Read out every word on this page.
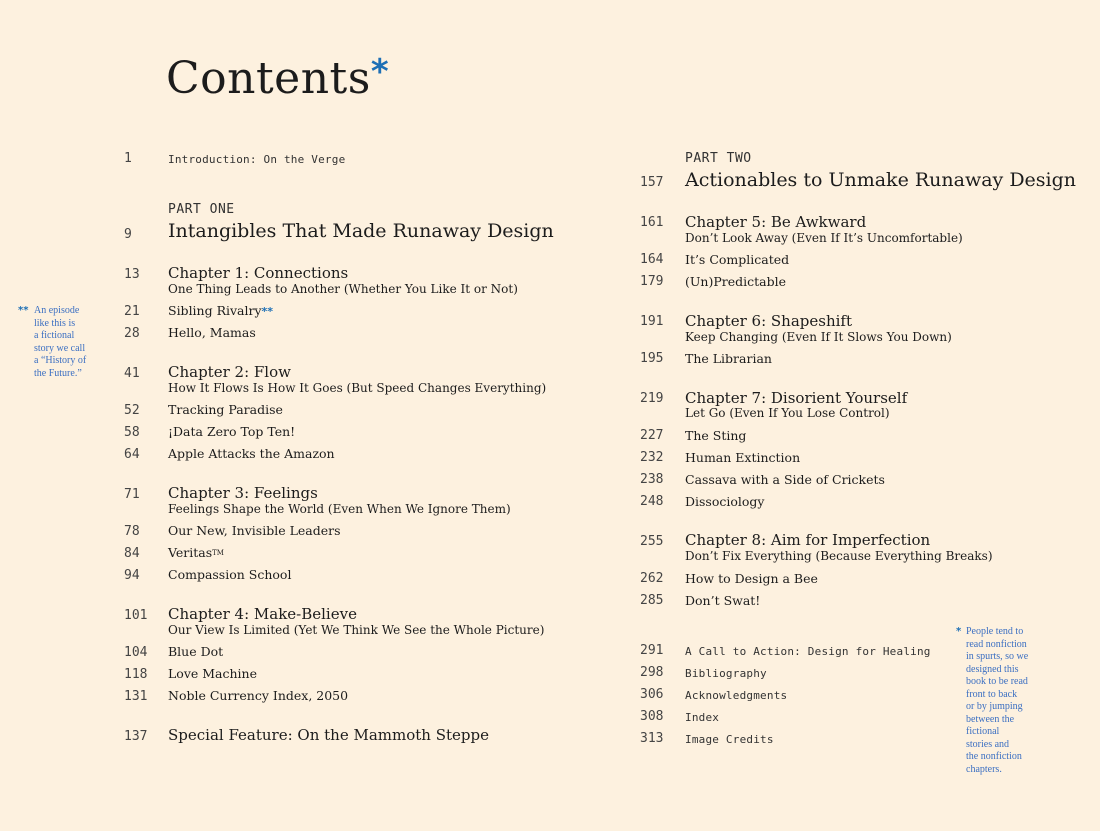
Contents*
1	Introduction: On the Verge
PART ONE
9	Intangibles That Made Runaway Design
13	Chapter 1: Connections
One Thing Leads to Another (Whether You Like It or Not)
21	Sibling Rivalry**
28	Hello, Mamas
41	Chapter 2: Flow
How It Flows Is How It Goes (But Speed Changes Everything)
52	Tracking Paradise
58	¡Data Zero Top Ten!
64	Apple Attacks the Amazon
71	Chapter 3: Feelings
Feelings Shape the World (Even When We Ignore Them)
78	Our New, Invisible Leaders
84	VeritasTM
94	Compassion School
101	Chapter 4: Make-Believe
Our View Is Limited (Yet We Think We See the Whole Picture)
104	Blue Dot
118	Love Machine
131	Noble Currency Index, 2050
137	Special Feature: On the Mammoth Steppe
PART TWO
157	Actionables to Unmake Runaway Design
161	Chapter 5: Be Awkward
Don’t Look Away (Even If It’s Uncomfortable)
164	It’s Complicated
179	(Un)Predictable
191	Chapter 6: Shapeshift
Keep Changing (Even If It Slows You Down)
195	The Librarian
219	Chapter 7: Disorient Yourself
Let Go (Even If You Lose Control)
227	The Sting
232	Human Extinction
238	Cassava with a Side of Crickets
248	Dissociology
255	Chapter 8: Aim for Imperfection
Don’t Fix Everything (Because Everything Breaks)
262	How to Design a Bee
285	Don’t Swat!
291	A Call to Action: Design for Healing
298	Bibliography
306	Acknowledgments
308	Index
313	Image Credits
** An episode
like this is
a fictional
story we call
a “History of
the Future.”
* People tend to
read nonfiction
in spurts, so we
designed this
book to be read
front to back
or by jumping
between the
fictional
stories and
the nonfiction
chapters.
